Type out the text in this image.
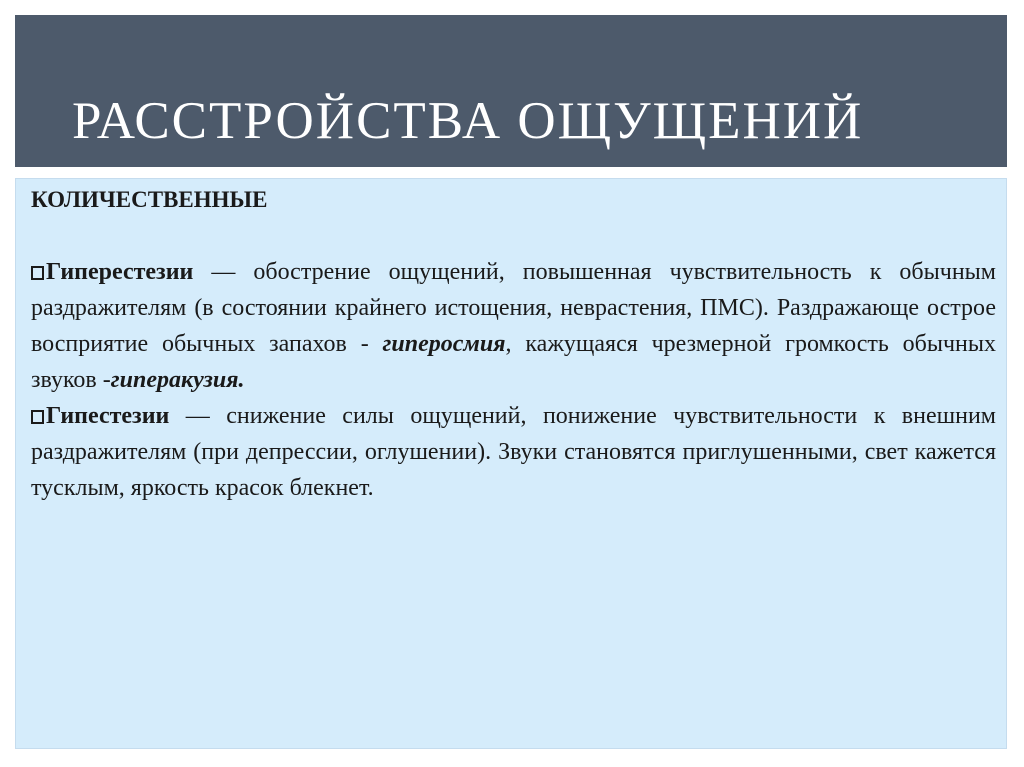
РАССТРОЙСТВА ОЩУЩЕНИЙ

КОЛИЧЕСТВЕННЫЕ

Гиперестезии — обострение ощущений, повышенная чувствительность к обычным раздражителям (в состоянии крайнего истощения, неврастения, ПМС). Раздражающе острое восприятие обычных запахов - гиперосмия, кажущаяся чрезмерной громкость обычных звуков -гиперакузия.

Гипестезии — снижение силы ощущений, понижение чувствительности к внешним раздражителям (при депрессии, оглушении). Звуки становятся приглушенными, свет кажется тусклым, яркость красок блекнет.
